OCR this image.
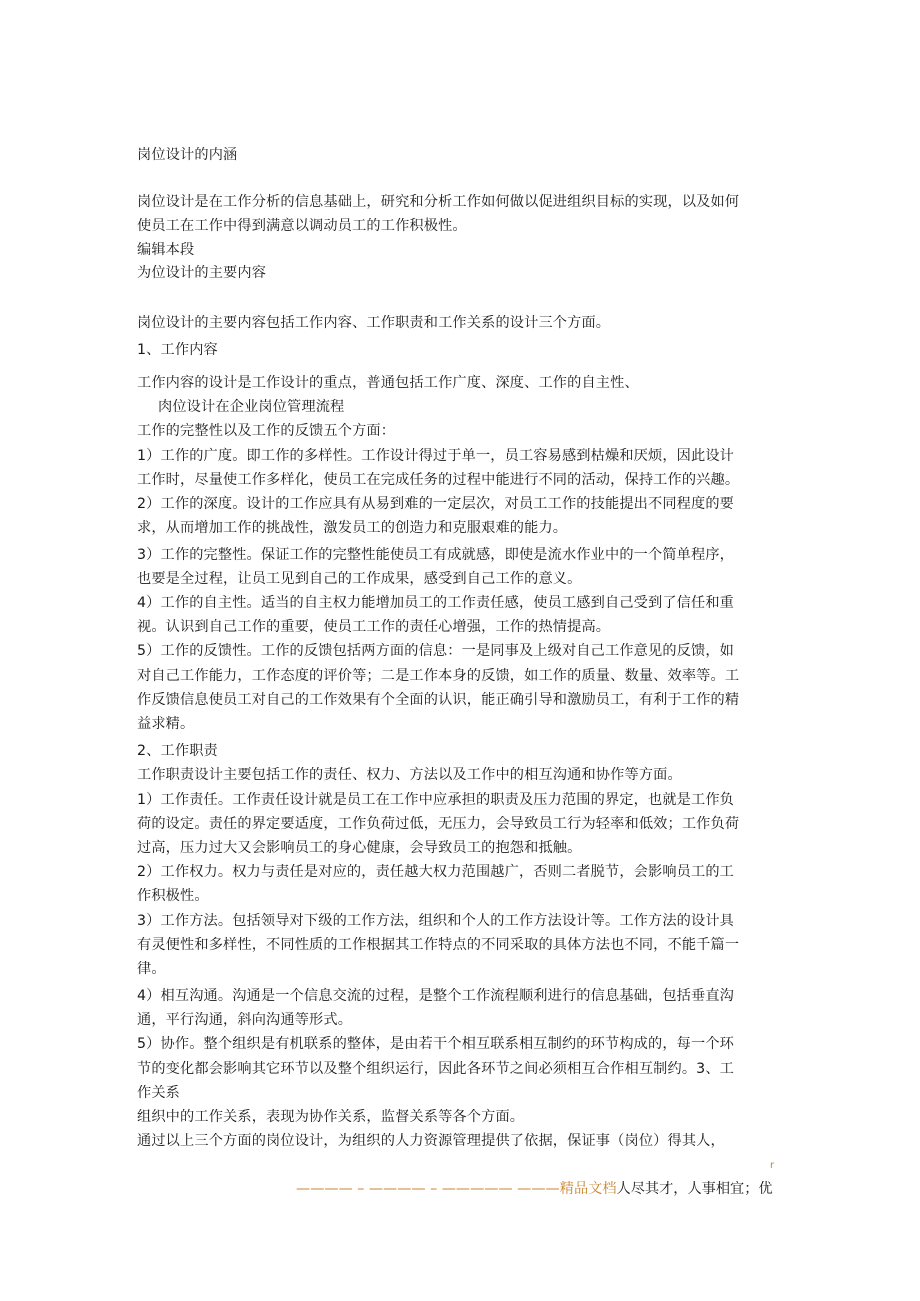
岗位设计的内涵
岗位设计是在工作分析的信息基础上，研究和分析工作如何做以促进组织目标的实现，以及如何
使员工在工作中得到满意以调动员工的工作积极性。
编辑本段
为位设计的主要内容
岗位设计的主要内容包括工作内容、工作职责和工作关系的设计三个方面。
1、工作内容
工作内容的设计是工作设计的重点，普通包括工作广度、深度、工作的自主性、
肉位设计在企业岗位管理流程
工作的完整性以及工作的反馈五个方面：
1）工作的广度。即工作的多样性。工作设计得过于单一，员工容易感到枯燥和厌烦，因此设计
工作时，尽量使工作多样化，使员工在完成任务的过程中能进行不同的活动，保持工作的兴趣。
2）工作的深度。设计的工作应具有从易到难的一定层次，对员工工作的技能提出不同程度的要
求，从而增加工作的挑战性，激发员工的创造力和克服艰难的能力。
3）工作的完整性。保证工作的完整性能使员工有成就感，即使是流水作业中的一个简单程序，
也要是全过程，让员工见到自己的工作成果，感受到自己工作的意义。
4）工作的自主性。适当的自主权力能增加员工的工作责任感，使员工感到自己受到了信任和重
视。认识到自己工作的重要，使员工工作的责任心增强，工作的热情提高。
5）工作的反馈性。工作的反馈包括两方面的信息：一是同事及上级对自己工作意见的反馈，如
对自己工作能力，工作态度的评价等；二是工作本身的反馈，如工作的质量、数量、效率等。工
作反馈信息使员工对自己的工作效果有个全面的认识，能正确引导和激励员工，有利于工作的精
益求精。
2、工作职责
工作职责设计主要包括工作的责任、权力、方法以及工作中的相互沟通和协作等方面。
1）工作责任。工作责任设计就是员工在工作中应承担的职责及压力范围的界定，也就是工作负
荷的设定。责任的界定要适度，工作负荷过低，无压力，会导致员工行为轻率和低效；工作负荷
过高，压力过大又会影响员工的身心健康，会导致员工的抱怨和抵触。
2）工作权力。权力与责任是对应的，责任越大权力范围越广，否则二者脱节，会影响员工的工
作积极性。
3）工作方法。包括领导对下级的工作方法，组织和个人的工作方法设计等。工作方法的设计具
有灵便性和多样性，不同性质的工作根据其工作特点的不同采取的具体方法也不同，不能千篇一
律。
4）相互沟通。沟通是一个信息交流的过程，是整个工作流程顺利进行的信息基础，包括垂直沟
通，平行沟通，斜向沟通等形式。
5）协作。整个组织是有机联系的整体，是由若干个相互联系相互制约的环节构成的，每一个环
节的变化都会影响其它环节以及整个组织运行，因此各环节之间必须相互合作相互制约。3、工
作关系
组织中的工作关系，表现为协作关系，监督关系等各个方面。
通过以上三个方面的岗位设计，为组织的人力资源管理提供了依据，保证事（岗位）得其人，
r
———— – ———— – ————— ———精品文档人尽其才，人事相宜；优
